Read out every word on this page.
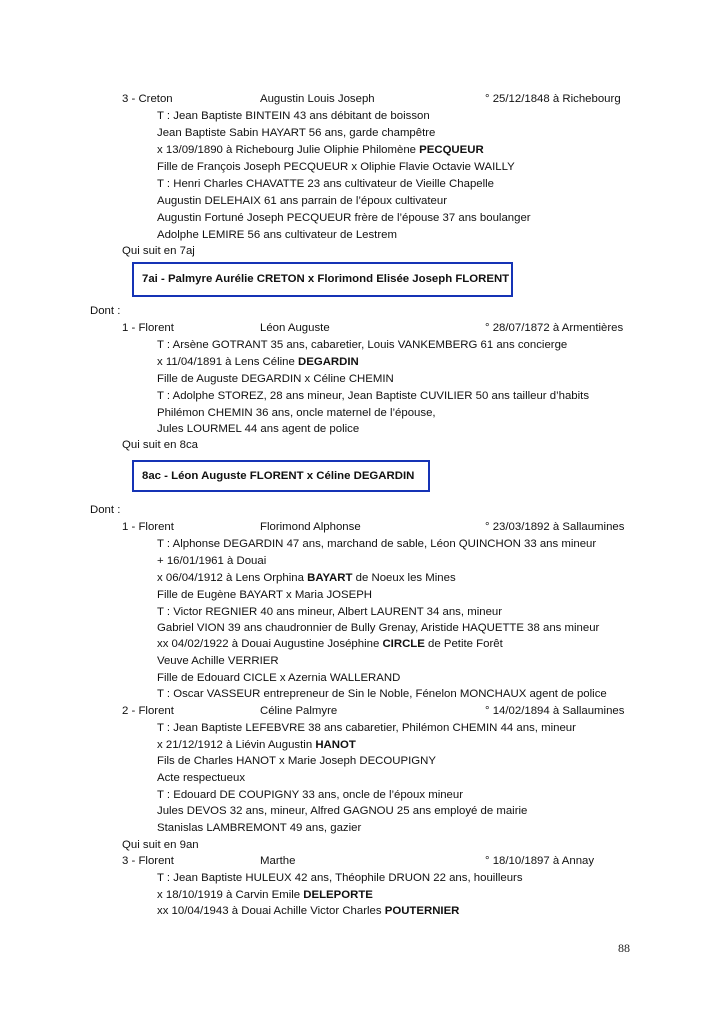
3 - Creton	Augustin Louis Joseph	° 25/12/1848 à Richebourg
T : Jean Baptiste BINTEIN 43 ans débitant de boisson
Jean Baptiste Sabin HAYART 56 ans, garde champêtre
x 13/09/1890 à Richebourg Julie Oliphie Philomène PECQUEUR
Fille de François Joseph PECQUEUR x Oliphie Flavie Octavie WAILLY
T : Henri Charles CHAVATTE 23 ans cultivateur de Vieille Chapelle
Augustin DELEHAIX 61 ans parrain de l’époux cultivateur
Augustin Fortuné Joseph PECQUEUR frère de l’épouse 37 ans boulanger
Adolphe LEMIRE 56 ans cultivateur de Lestrem
Qui suit en 7aj
7ai - Palmyre Aurélie CRETON x Florimond Elisée Joseph FLORENT
Dont :
1 - Florent	Léon Auguste	° 28/07/1872 à Armentières
T : Arsène GOTRANT 35 ans, cabaretier, Louis VANKEMBERG 61 ans concierge
x 11/04/1891 à Lens Céline DEGARDIN
Fille de Auguste DEGARDIN x Céline CHEMIN
T : Adolphe STOREZ, 28 ans mineur, Jean Baptiste CUVILIER 50 ans tailleur d’habits
Philémon CHEMIN 36 ans, oncle maternel de l’épouse,
Jules LOURMEL 44 ans agent de police
Qui suit en 8ca
8ac - Léon Auguste FLORENT x Céline DEGARDIN
Dont :
1 - Florent	Florimond Alphonse	° 23/03/1892 à Sallaumines
T : Alphonse DEGARDIN 47 ans, marchand de sable, Léon QUINCHON 33 ans mineur
+ 16/01/1961 à Douai
x 06/04/1912 à Lens Orphina BAYART de Noeux les Mines
Fille de Eugène BAYART x Maria JOSEPH
T : Victor REGNIER 40 ans mineur, Albert LAURENT 34 ans, mineur
Gabriel VION 39 ans chaudronnier de Bully Grenay, Aristide HAQUETTE 38 ans mineur
xx 04/02/1922 à Douai Augustine Joséphine CIRCLE de Petite Forêt
Veuve Achille VERRIER
Fille de Edouard CICLE x Azernia WALLERAND
T : Oscar VASSEUR entrepreneur de Sin le Noble, Fénelon MONCHAUX agent de police
2 - Florent	Céline Palmyre	° 14/02/1894 à Sallaumines
T : Jean Baptiste LEFEBVRE 38 ans cabaretier, Philémon CHEMIN 44 ans, mineur
x 21/12/1912 à Liévin Augustin HANOT
Fils de Charles HANOT x Marie Joseph DECOUPIGNY
Acte respectueux
T : Edouard DE COUPIGNY 33 ans, oncle de l’époux mineur
Jules DEVOS 32 ans, mineur, Alfred GAGNOU 25 ans employé de mairie
Stanislas LAMBREMONT 49 ans, gazier
Qui suit en 9an
3 - Florent	Marthe	° 18/10/1897 à Annay
T : Jean Baptiste HULEUX 42 ans, Théophile DRUON 22 ans, houilleurs
x 18/10/1919 à Carvin Emile DELEPORTE
xx 10/04/1943 à Douai Achille Victor Charles POUTERNIER
88
